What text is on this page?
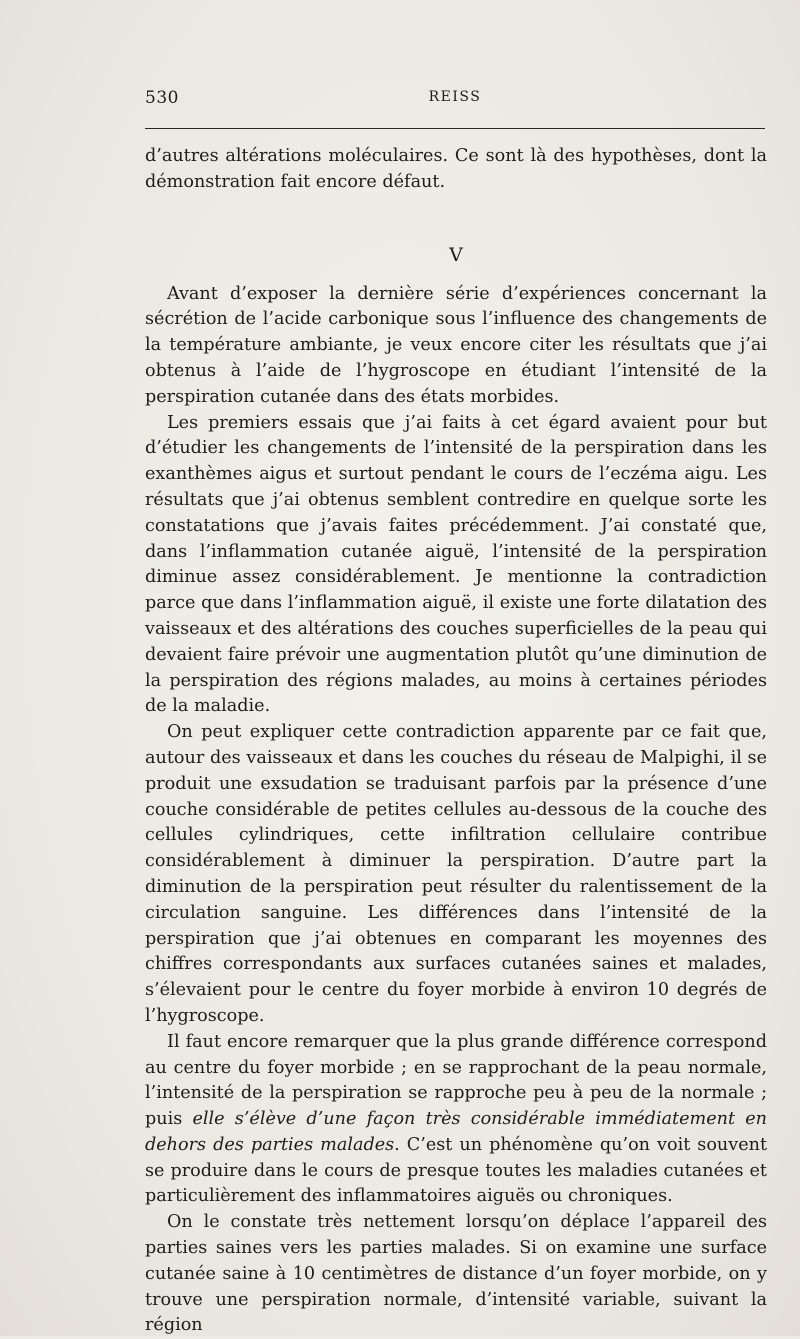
530	REISS

d’autres altérations moléculaires. Ce sont là des hypothèses, dont la démonstration fait encore défaut.

V

Avant d’exposer la dernière série d’expériences concernant la sécrétion de l’acide carbonique sous l’influence des changements de la température ambiante, je veux encore citer les résultats que j’ai obtenus à l’aide de l’hygroscope en étudiant l’intensité de la perspiration cutanée dans des états morbides.

Les premiers essais que j’ai faits à cet égard avaient pour but d’étudier les changements de l’intensité de la perspiration dans les exanthèmes aigus et surtout pendant le cours de l’eczéma aigu. Les résultats que j’ai obtenus semblent contredire en quelque sorte les constatations que j’avais faites précédemment. J’ai constaté que, dans l’inflammation cutanée aiguë, l’intensité de la perspiration diminue assez considérablement. Je mentionne la contradiction parce que dans l’inflammation aiguë, il existe une forte dilatation des vaisseaux et des altérations des couches superficielles de la peau qui devaient faire prévoir une augmentation plutôt qu’une diminution de la perspiration des régions malades, au moins à certaines périodes de la maladie.

On peut expliquer cette contradiction apparente par ce fait que, autour des vaisseaux et dans les couches du réseau de Malpighi, il se produit une exsudation se traduisant parfois par la présence d’une couche considérable de petites cellules au-dessous de la couche des cellules cylindriques, cette infiltration cellulaire contribue considérablement à diminuer la perspiration. D’autre part la diminution de la perspiration peut résulter du ralentissement de la circulation sanguine. Les différences dans l’intensité de la perspiration que j’ai obtenues en comparant les moyennes des chiffres correspondants aux surfaces cutanées saines et malades, s’élevaient pour le centre du foyer morbide à environ 10 degrés de l’hygroscope.

Il faut encore remarquer que la plus grande différence correspond au centre du foyer morbide ; en se rapprochant de la peau normale, l’intensité de la perspiration se rapproche peu à peu de la normale ; puis elle s’élève d’une façon très considérable immédiatement en dehors des parties malades. C’est un phénomène qu’on voit souvent se produire dans le cours de presque toutes les maladies cutanées et particulièrement des inflammatoires aiguës ou chroniques.

On le constate très nettement lorsqu’on déplace l’appareil des parties saines vers les parties malades. Si on examine une surface cutanée saine à 10 centimètres de distance d’un foyer morbide, on y trouve une perspiration normale, d’intensité variable, suivant la région
